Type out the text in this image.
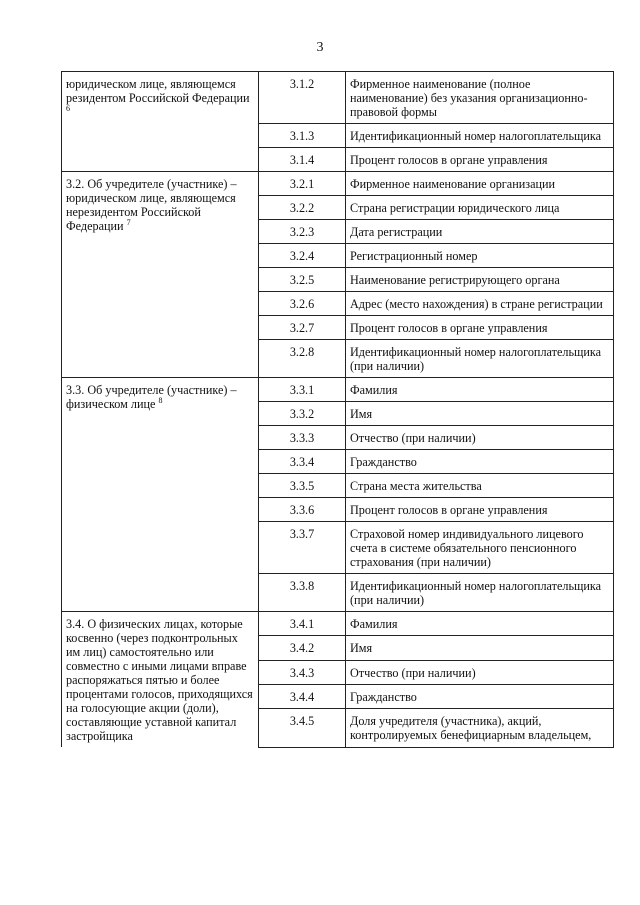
3
юридическом лице, являющемся резидентом Российской Федерации $^6$	3.1.2	Фирменное наименование (полное наименование) без указания организационно-правовой формы
	3.1.3	Идентификационный номер налогоплательщика
	3.1.4	Процент голосов в органе управления
3.2. Об учредителе (участнике) – юридическом лице, являющемся нерезидентом Российской Федерации $^7$	3.2.1	Фирменное наименование организации
	3.2.2	Страна регистрации юридического лица
	3.2.3	Дата регистрации
	3.2.4	Регистрационный номер
	3.2.5	Наименование регистрирующего органа
	3.2.6	Адрес (место нахождения) в стране регистрации
	3.2.7	Процент голосов в органе управления
	3.2.8	Идентификационный номер налогоплательщика (при наличии)
3.3. Об учредителе (участнике) – физическом лице $^8$	3.3.1	Фамилия
	3.3.2	Имя
	3.3.3	Отчество (при наличии)
	3.3.4	Гражданство
	3.3.5	Страна места жительства
	3.3.6	Процент голосов в органе управления
	3.3.7	Страховой номер индивидуального лицевого счета в системе обязательного пенсионного страхования (при наличии)
	3.3.8	Идентификационный номер налогоплательщика (при наличии)
3.4. О физических лицах, которые косвенно (через подконтрольных им лиц) самостоятельно или совместно с иными лицами вправе распоряжаться пятью и более процентами голосов, приходящихся на голосующие акции (доли), составляющие уставной капитал застройщика	3.4.1	Фамилия
	3.4.2	Имя
	3.4.3	Отчество (при наличии)
	3.4.4	Гражданство
	3.4.5	Доля учредителя (участника), акций, контролируемых бенефициарным владельцем,
